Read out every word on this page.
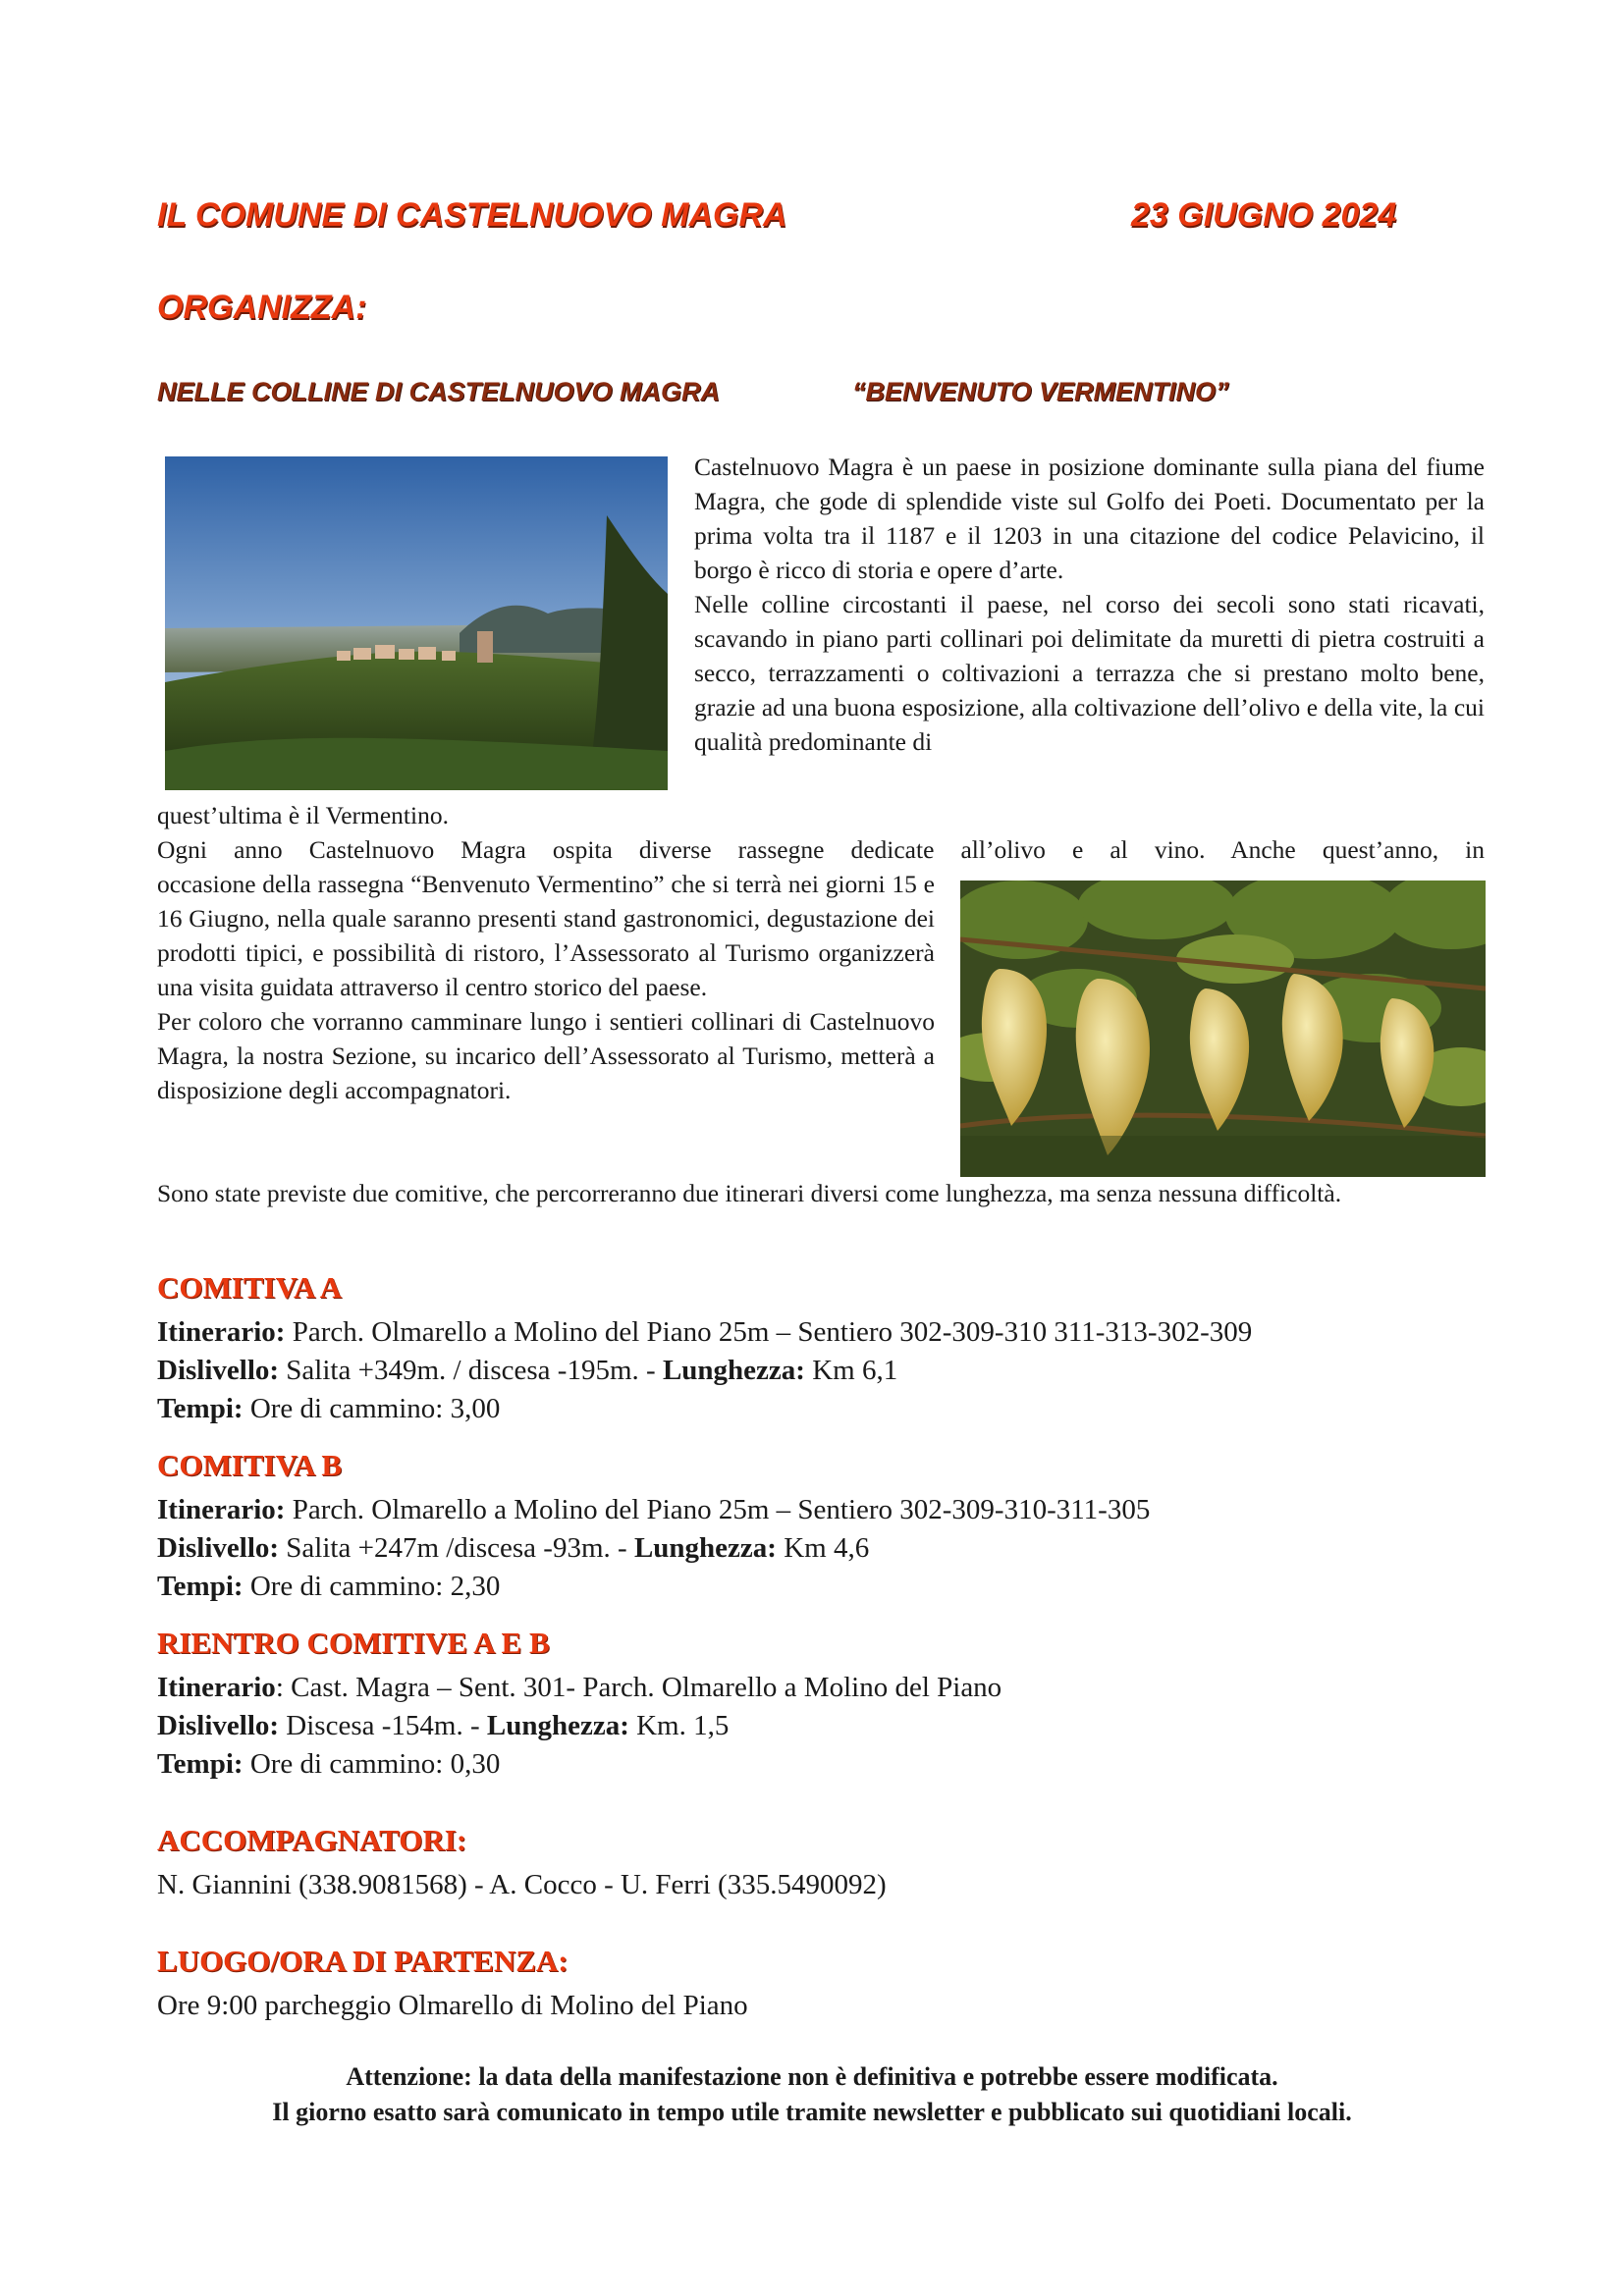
IL COMUNE DI CASTELNUOVO MAGRA	23 GIUGNO 2024
ORGANIZZA:
NELLE COLLINE DI CASTELNUOVO MAGRA	“BENVENUTO VERMENTINO”

Castelnuovo Magra è un paese in posizione dominante sulla piana del fiume Magra, che gode di splendide viste sul Golfo dei Poeti. Documentato per la prima volta tra il 1187 e il 1203 in una citazione del codice Pelavicino, il borgo è ricco di storia e opere d’arte.

Nelle colline circostanti il paese, nel corso dei secoli sono stati ricavati, scavando in piano parti collinari poi delimitate da muretti di pietra costruiti a secco, terrazzamenti o coltivazioni a terrazza che si prestano molto bene, grazie ad una buona esposizione, alla coltivazione dell’olivo e della vite, la cui qualità predominante di

quest’ultima è il Vermentino.

Ogni anno Castelnuovo Magra ospita diverse rassegne dedicate all’olivo e al vino. Anche quest’anno, in

occasione della rassegna “Benvenuto Vermentino” che si terrà nei giorni 15 e 16 Giugno, nella quale saranno presenti stand gastronomici, degustazione dei prodotti tipici, e possibilità di ristoro, l’Assessorato al Turismo organizzerà una visita guidata attraverso il centro storico del paese.

Per coloro che vorranno camminare lungo i sentieri collinari di Castelnuovo Magra, la nostra Sezione, su incarico dell’Assessorato al Turismo, metterà a disposizione degli accompagnatori.

Sono state previste due comitive, che percorreranno due itinerari diversi come lunghezza, ma senza nessuna difficoltà.

COMITIVA A
Itinerario: Parch. Olmarello a Molino del Piano 25m – Sentiero 302-309-310 311-313-302-309
Dislivello: Salita +349m. / discesa -195m. - Lunghezza: Km 6,1
Tempi: Ore di cammino: 3,00
COMITIVA B
Itinerario: Parch. Olmarello a Molino del Piano 25m – Sentiero 302-309-310-311-305
Dislivello: Salita +247m /discesa -93m. - Lunghezza: Km 4,6
Tempi: Ore di cammino: 2,30
RIENTRO COMITIVE A E B
Itinerario: Cast. Magra – Sent. 301- Parch. Olmarello a Molino del Piano
Dislivello: Discesa -154m. - Lunghezza: Km. 1,5
Tempi: Ore di cammino: 0,30
ACCOMPAGNATORI:
N. Giannini (338.9081568) - A. Cocco - U. Ferri (335.5490092)
LUOGO/ORA DI PARTENZA:
Ore 9:00 parcheggio Olmarello di Molino del Piano
Attenzione: la data della manifestazione non è definitiva e potrebbe essere modificata.
Il giorno esatto sarà comunicato in tempo utile tramite newsletter e pubblicato sui quotidiani locali.
